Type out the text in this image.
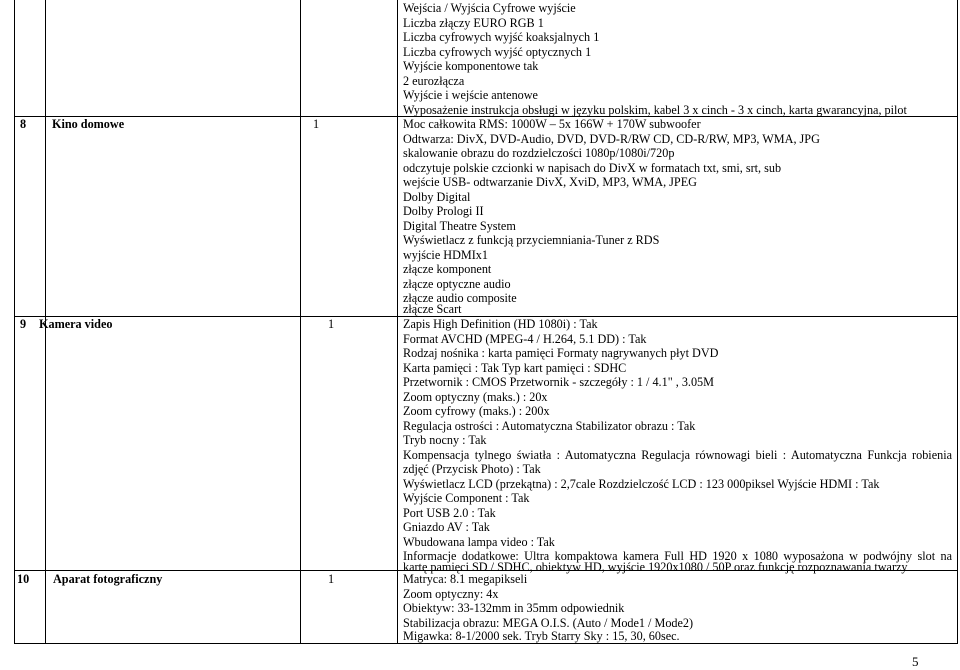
Wejścia / Wyjścia Cyfrowe wyjście
Liczba złączy EURO RGB 1
Liczba cyfrowych wyjść koaksjalnych 1
Liczba cyfrowych wyjść optycznych 1
Wyjście komponentowe tak
2 eurozłącza
Wyjście i wejście antenowe
Wyposażenie instrukcja obsługi w języku polskim, kabel 3 x cinch - 3 x cinch, karta gwarancyjna, pilot
8 Kino domowe	1	Moc całkowita RMS: 1000W – 5x 166W + 170W subwoofer
Odtwarza: DivX, DVD-Audio, DVD, DVD-R/RW CD, CD-R/RW, MP3, WMA, JPG
skalowanie obrazu do rozdzielczości 1080p/1080i/720p
odczytuje polskie czcionki w napisach do DivX w formatach txt, smi, srt, sub
wejście USB- odtwarzanie DivX, XviD, MP3, WMA, JPEG
Dolby Digital
Dolby Prologi II
Digital Theatre System
Wyświetlacz z funkcją przyciemniania-Tuner z RDS
wyjście HDMIx1
złącze komponent
złącze optyczne audio
złącze audio composite
złącze Scart
9 Kamera video	1	Zapis High Definition (HD 1080i) : Tak
Format AVCHD (MPEG-4 / H.264, 5.1 DD) : Tak
Rodzaj nośnika : karta pamięci Formaty nagrywanych płyt DVD
Karta pamięci : Tak Typ kart pamięci : SDHC
Przetwornik : CMOS Przetwornik - szczegóły : 1 / 4.1" , 3.05M
Zoom optyczny (maks.) : 20x
Zoom cyfrowy (maks.) : 200x
Regulacja ostrości : Automatyczna Stabilizator obrazu : Tak
Tryb nocny : Tak
Kompensacja tylnego światła : Automatyczna Regulacja równowagi bieli : Automatyczna Funkcja robienia
zdjęć (Przycisk Photo) : Tak
Wyświetlacz LCD (przekątna) : 2,7cale Rozdzielczość LCD : 123 000piksel Wyjście HDMI : Tak
Wyjście Component : Tak
Port USB 2.0 : Tak
Gniazdo AV : Tak
Wbudowana lampa video : Tak
Informacje dodatkowe: Ultra kompaktowa kamera Full HD 1920 x 1080 wyposażona w podwójny slot na
kartę pamięci SD / SDHC, obiektyw HD, wyjście 1920x1080 / 50P oraz funkcję rozpoznawania twarzy
10 Aparat fotograficzny	1	Matryca: 8.1 megapikseli
Zoom optyczny: 4x
Obiektyw: 33-132mm in 35mm odpowiednik
Stabilizacja obrazu: MEGA O.I.S. (Auto / Mode1 / Mode2)
Migawka: 8-1/2000 sek. Tryb Starry Sky : 15, 30, 60sec.
5
